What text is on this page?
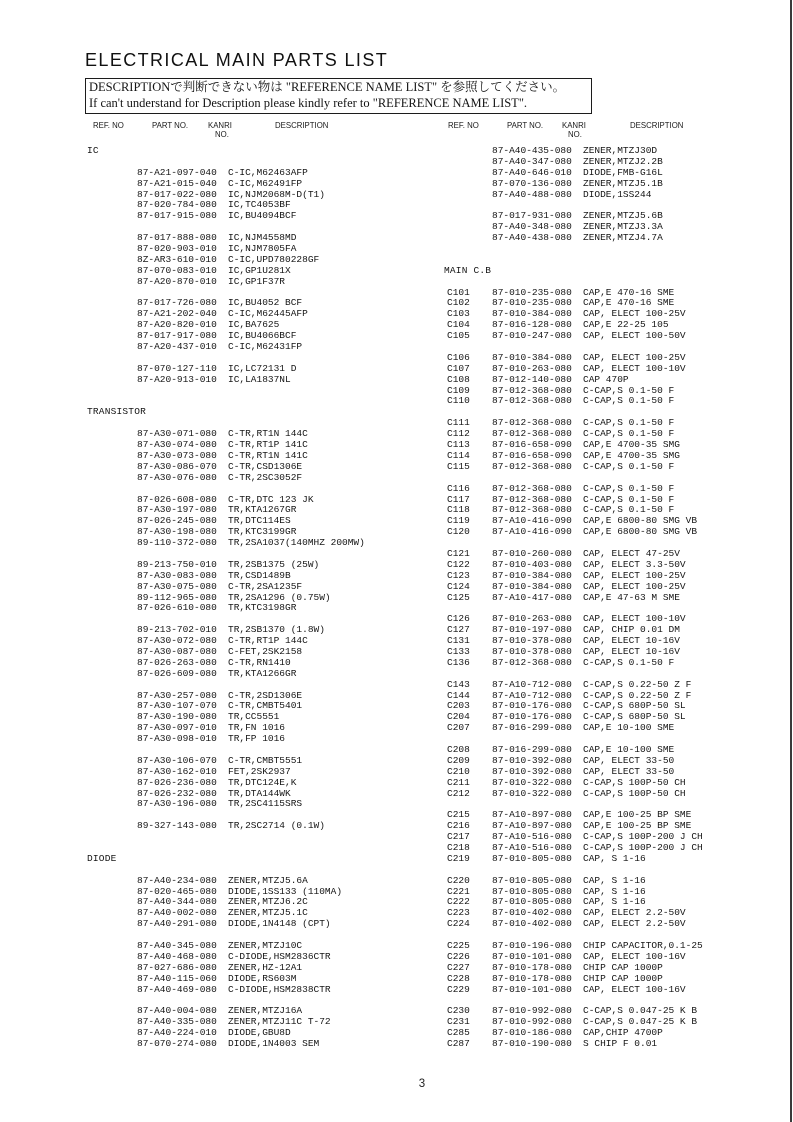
ELECTRICAL MAIN PARTS LIST
DESCRIPTIONで判断できない物は "REFERENCE NAME LIST" を参照してください。
If can't understand for Description please kindly refer to "REFERENCE NAME LIST".
REF. NO	PART NO. KANRI
NO.
DESCRIPTION	REF. NO	PART NO. KANRI
NO.
DESCRIPTION
IC
87-A21-097-040	C-IC,M62463AFP
87-A21-015-040	C-IC,M62491FP
87-017-022-080	IC,NJM2068M-D(T1)
87-020-784-080	IC,TC4053BF
87-017-915-080	IC,BU4094BCF
87-017-888-080	IC,NJM4558MD
87-020-903-010	IC,NJM7805FA
8Z-AR3-610-010	C-IC,UPD780228GF
87-070-083-010	IC,GP1U281X
87-A20-870-010	IC,GP1F37R
87-017-726-080	IC,BU4052 BCF
87-A21-202-040	C-IC,M62445AFP
87-A20-820-010	IC,BA7625
87-017-917-080	IC,BU4066BCF
87-A20-437-010	C-IC,M62431FP
87-070-127-110	IC,LC72131 D
87-A20-913-010	IC,LA1837NL
TRANSISTOR
87-A30-071-080	C-TR,RT1N 144C
87-A30-074-080	C-TR,RT1P 141C
87-A30-073-080	C-TR,RT1N 141C
87-A30-086-070	C-TR,CSD1306E
87-A30-076-080	C-TR,2SC3052F
87-026-608-080	C-TR,DTC 123 JK
87-A30-197-080	TR,KTA1267GR
87-026-245-080	TR,DTC114ES
87-A30-198-080	TR,KTC3199GR
89-110-372-080	TR,2SA1037(140MHZ 200MW)
89-213-750-010	TR,2SB1375 (25W)
87-A30-083-080	TR,CSD1489B
87-A30-075-080	C-TR,2SA1235F
89-112-965-080	TR,2SA1296 (0.75W)
87-026-610-080	TR,KTC3198GR
89-213-702-010	TR,2SB1370 (1.8W)
87-A30-072-080	C-TR,RT1P 144C
87-A30-087-080	C-FET,2SK2158
87-026-263-080	C-TR,RN1410
87-026-609-080	TR,KTA1266GR
87-A30-257-080	C-TR,2SD1306E
87-A30-107-070	C-TR,CMBT5401
87-A30-190-080	TR,CC5551
87-A30-097-010	TR,FN 1016
87-A30-098-010	TR,FP 1016
87-A30-106-070	C-TR,CMBT5551
87-A30-162-010	FET,2SK2937
87-026-236-080	TR,DTC124E,K
87-026-232-080	TR,DTA144WK
87-A30-196-080	TR,2SC4115SRS
89-327-143-080	TR,2SC2714 (0.1W)
DIODE
87-A40-234-080	ZENER,MTZJ5.6A
87-020-465-080	DIODE,1SS133 (110MA)
87-A40-344-080	ZENER,MTZJ6.2C
87-A40-002-080	ZENER,MTZJ5.1C
87-A40-291-080	DIODE,1N4148 (CPT)
87-A40-345-080	ZENER,MTZJ10C
87-A40-468-080	C-DIODE,HSM2836CTR
87-027-686-080	ZENER,HZ-12A1
87-A40-115-060	DIODE,RS603M
87-A40-469-080	C-DIODE,HSM2838CTR
87-A40-004-080	ZENER,MTZJ16A
87-A40-335-080	ZENER,MTZJ11C T-72
87-A40-224-010	DIODE,GBU8D
87-070-274-080	DIODE,1N4003 SEM
87-A40-435-080	ZENER,MTZJ30D
87-A40-347-080	ZENER,MTZJ2.2B
87-A40-646-010	DIODE,FMB-G16L
87-070-136-080	ZENER,MTZJ5.1B
87-A40-488-080	DIODE,1SS244
87-017-931-080	ZENER,MTZJ5.6B
87-A40-348-080	ZENER,MTZJ3.3A
87-A40-438-080	ZENER,MTZJ4.7A
MAIN C.B
C101	87-010-235-080	CAP,E 470-16 SME
C102	87-010-235-080	CAP,E 470-16 SME
C103	87-010-384-080	CAP, ELECT 100-25V
C104	87-016-128-080	CAP,E 22-25 105
C105	87-010-247-080	CAP, ELECT 100-50V
C106	87-010-384-080	CAP, ELECT 100-25V
C107	87-010-263-080	CAP, ELECT 100-10V
C108	87-012-140-080	CAP 470P
C109	87-012-368-080	C-CAP,S 0.1-50 F
C110	87-012-368-080	C-CAP,S 0.1-50 F
C111	87-012-368-080	C-CAP,S 0.1-50 F
C112	87-012-368-080	C-CAP,S 0.1-50 F
C113	87-016-658-090	CAP,E 4700-35 SMG
C114	87-016-658-090	CAP,E 4700-35 SMG
C115	87-012-368-080	C-CAP,S 0.1-50 F
C116	87-012-368-080	C-CAP,S 0.1-50 F
C117	87-012-368-080	C-CAP,S 0.1-50 F
C118	87-012-368-080	C-CAP,S 0.1-50 F
C119	87-A10-416-090	CAP,E 6800-80 SMG VB
C120	87-A10-416-090	CAP,E 6800-80 SMG VB
C121	87-010-260-080	CAP, ELECT 47-25V
C122	87-010-403-080	CAP, ELECT 3.3-50V
C123	87-010-384-080	CAP, ELECT 100-25V
C124	87-010-384-080	CAP, ELECT 100-25V
C125	87-A10-417-080	CAP,E 47-63 M SME
C126	87-010-263-080	CAP, ELECT 100-10V
C127	87-010-197-080	CAP, CHIP 0.01 DM
C131	87-010-378-080	CAP, ELECT 10-16V
C133	87-010-378-080	CAP, ELECT 10-16V
C136	87-012-368-080	C-CAP,S 0.1-50 F
C143	87-A10-712-080	C-CAP,S 0.22-50 Z F
C144	87-A10-712-080	C-CAP,S 0.22-50 Z F
C203	87-010-176-080	C-CAP,S 680P-50 SL
C204	87-010-176-080	C-CAP,S 680P-50 SL
C207	87-016-299-080	CAP,E 10-100 SME
C208	87-016-299-080	CAP,E 10-100 SME
C209	87-010-392-080	CAP, ELECT 33-50
C210	87-010-392-080	CAP, ELECT 33-50
C211	87-010-322-080	C-CAP,S 100P-50 CH
C212	87-010-322-080	C-CAP,S 100P-50 CH
C215	87-A10-897-080	CAP,E 100-25 BP SME
C216	87-A10-897-080	CAP,E 100-25 BP SME
C217	87-A10-516-080	C-CAP,S 100P-200 J CH
C218	87-A10-516-080	C-CAP,S 100P-200 J CH
C219	87-010-805-080	CAP, S 1-16
C220	87-010-805-080	CAP, S 1-16
C221	87-010-805-080	CAP, S 1-16
C222	87-010-805-080	CAP, S 1-16
C223	87-010-402-080	CAP, ELECT 2.2-50V
C224	87-010-402-080	CAP, ELECT 2.2-50V
C225	87-010-196-080	CHIP CAPACITOR,0.1-25
C226	87-010-101-080	CAP, ELECT 100-16V
C227	87-010-178-080	CHIP CAP 1000P
C228	87-010-178-080	CHIP CAP 1000P
C229	87-010-101-080	CAP, ELECT 100-16V
C230	87-010-992-080	C-CAP,S 0.047-25 K B
C231	87-010-992-080	C-CAP,S 0.047-25 K B
C285	87-010-186-080	CAP,CHIP 4700P
C287	87-010-190-080	S CHIP F 0.01
3
